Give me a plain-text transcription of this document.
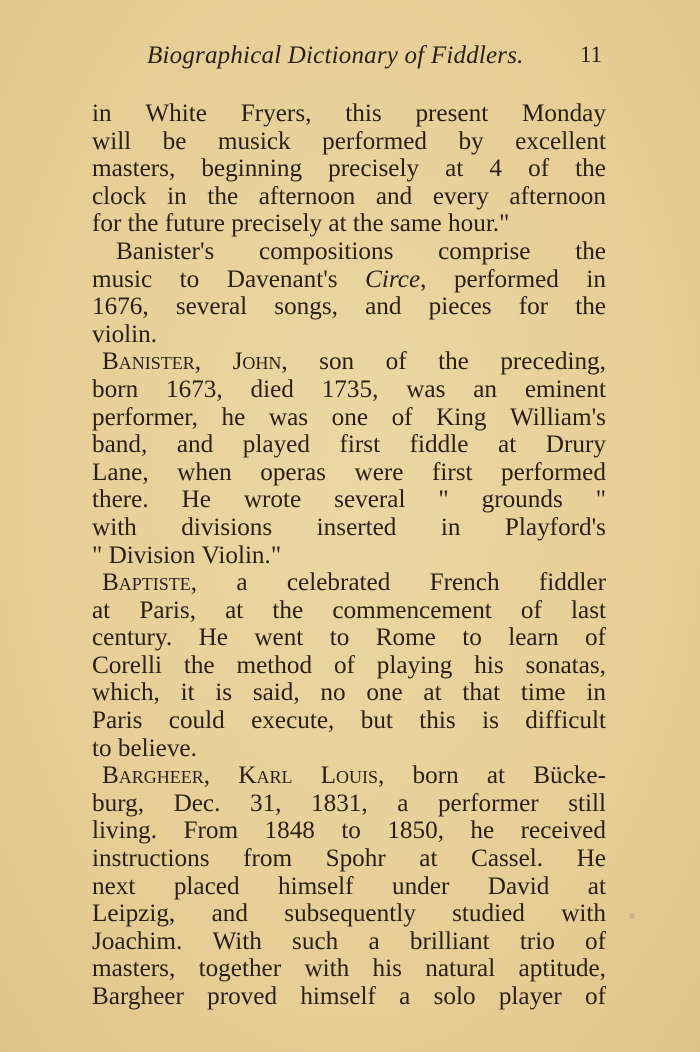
Biographical Dictionary of Fiddlers. 11
in White Fryers, this present Monday
will be musick performed by excellent
masters, beginning precisely at 4 of the
clock in the afternoon and every afternoon
for the future precisely at the same hour."
Banister's compositions comprise the
music to Davenant's Circe, performed in
1676, several songs, and pieces for the
violin.
Banister, John, son of the preceding,
born 1673, died 1735, was an eminent
performer, he was one of King William's
band, and played first fiddle at Drury
Lane, when operas were first performed
there. He wrote several " grounds "
with divisions inserted in Playford's
" Division Violin."
Baptiste, a celebrated French fiddler
at Paris, at the commencement of last
century. He went to Rome to learn of
Corelli the method of playing his sonatas,
which, it is said, no one at that time in
Paris could execute, but this is difficult
to believe.
Bargheer, Karl Louis, born at Bücke-
burg, Dec. 31, 1831, a performer still
living. From 1848 to 1850, he received
instructions from Spohr at Cassel. He
next placed himself under David at
Leipzig, and subsequently studied with
Joachim. With such a brilliant trio of
masters, together with his natural aptitude,
Bargheer proved himself a solo player of
